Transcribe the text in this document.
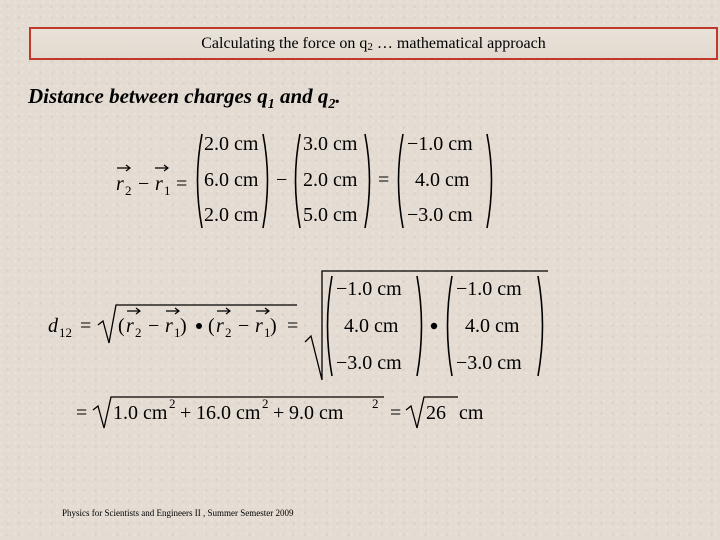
Calculating the force on $q_2$ … mathematical approach
Distance between charges $q_1$ and $q_2$.
r 2 − r 1 =
2.0 cm
6.0 cm
2.0 cm
−
3.0 cm
2.0 cm
5.0 cm
=
−1.0 cm
4.0 cm
−3.0 cm
d 12 = ( r 2 − r 1 ) ( r 2 − r 1 ) =
−1.0 cm
4.0 cm
−3.0 cm
−1.0 cm
4.0 cm
−3.0 cm
= 1.0 cm 2 + 16.0 cm 2 + 9.0 cm 2 = 26 cm
Physics for Scientists and Engineers II , Summer Semester 2009
